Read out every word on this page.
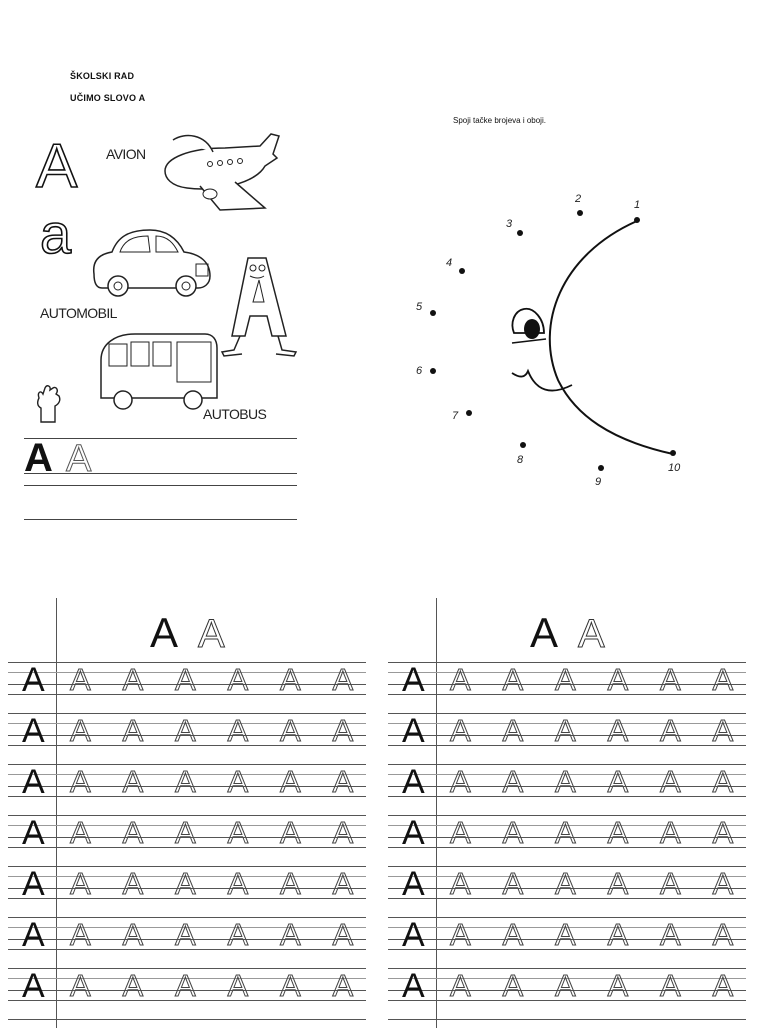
ŠKOLSKI RAD
UČIMO SLOVO A
A
a
AVION
AUTOMOBIL
AUTOBUS
A A
Spoji tačke brojeva i oboji.
1
2
3
4
5
6
7
8
9
10
A A
A A A A A A A
A A A A A A A
A A A A A A A
A A A A A A A
A A A A A A A
A A A A A A A
A A A A A A A
A A
A A A A A A A
A A A A A A A
A A A A A A A
A A A A A A A
A A A A A A A
A A A A A A A
A A A A A A A
